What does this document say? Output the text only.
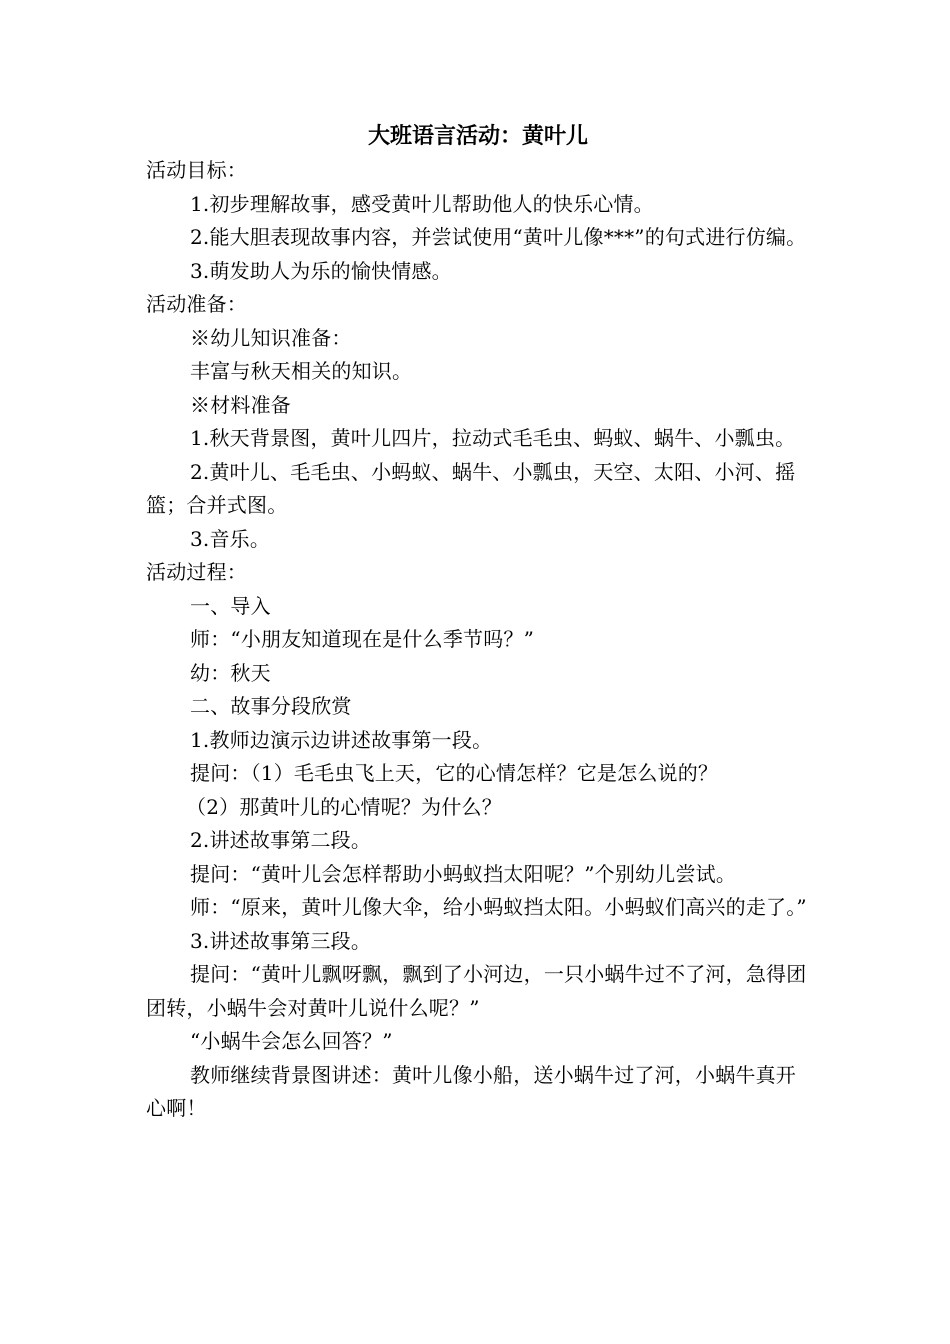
大班语言活动：黄叶儿

活动目标：

1.初步理解故事，感受黄叶儿帮助他人的快乐心情。

2.能大胆表现故事内容，并尝试使用“黄叶儿像***”的句式进行仿编。

3.萌发助人为乐的愉快情感。

活动准备：

※幼儿知识准备：

丰富与秋天相关的知识。

※材料准备

1.秋天背景图，黄叶儿四片，拉动式毛毛虫、蚂蚁、蜗牛、小瓢虫。

2.黄叶儿、毛毛虫、小蚂蚁、蜗牛、小瓢虫，天空、太阳、小河、摇篮；合并式图。

3.音乐。

活动过程：

一、导入

师：“小朋友知道现在是什么季节吗？”

幼：秋天

二、故事分段欣赏

1.教师边演示边讲述故事第一段。

提问：（1）毛毛虫飞上天，它的心情怎样？它是怎么说的？

（2）那黄叶儿的心情呢？为什么？

2.讲述故事第二段。

提问：“黄叶儿会怎样帮助小蚂蚁挡太阳呢？”个别幼儿尝试。

师：“原来，黄叶儿像大伞，给小蚂蚁挡太阳。小蚂蚁们高兴的走了。”

3.讲述故事第三段。

提问：“黄叶儿飘呀飘，飘到了小河边，一只小蜗牛过不了河，急得团团转，小蜗牛会对黄叶儿说什么呢？”

“小蜗牛会怎么回答？”

教师继续背景图讲述：黄叶儿像小船，送小蜗牛过了河，小蜗牛真开心啊！
